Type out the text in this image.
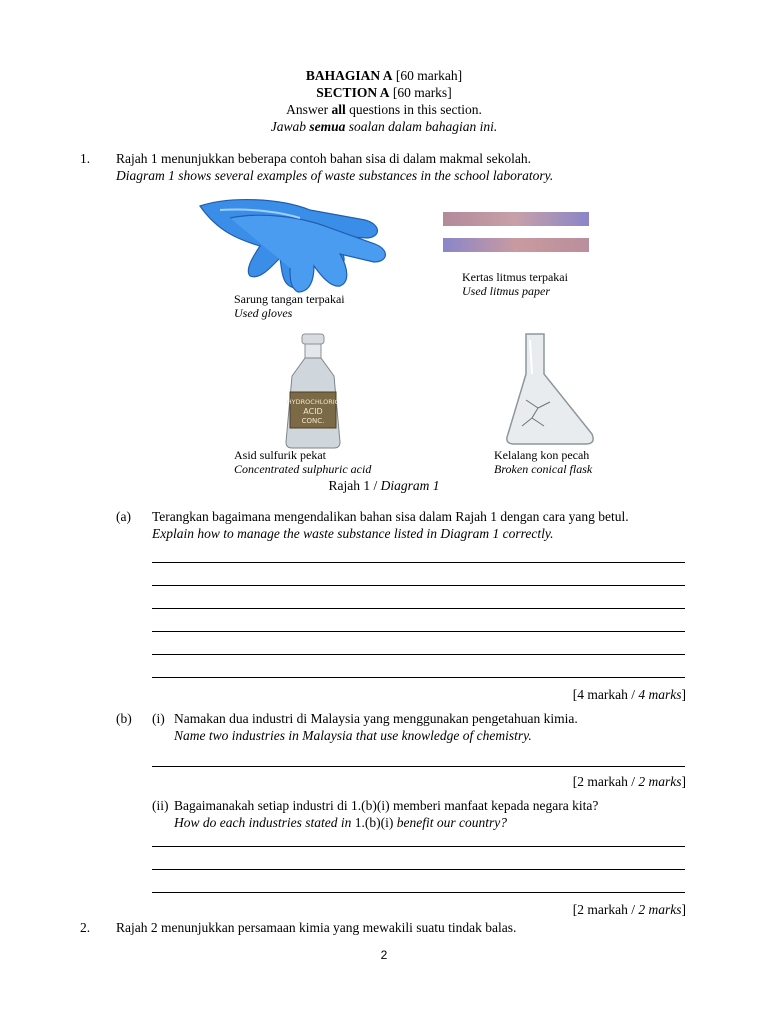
BAHAGIAN A [60 markah]
SECTION A [60 marks]
Answer all questions in this section.
Jawab semua soalan dalam bahagian ini.
1. Rajah 1 menunjukkan beberapa contoh bahan sisa di dalam makmal sekolah.
Diagram 1 shows several examples of waste substances in the school laboratory.
Sarung tangan terpakai
Used gloves
Kertas litmus terpakai
Used litmus paper
HYDROCHLORIC
ACID
CONC.
Asid sulfurik pekat
Concentrated sulphuric acid
Kelalang kon pecah
Broken conical flask
Rajah 1 / Diagram 1
(a) Terangkan bagaimana mengendalikan bahan sisa dalam Rajah 1 dengan cara yang betul.
Explain how to manage the waste substance listed in Diagram 1 correctly.
[4 markah / 4 marks]
(b) (i) Namakan dua industri di Malaysia yang menggunakan pengetahuan kimia.
Name two industries in Malaysia that use knowledge of chemistry.
[2 markah / 2 marks]
(ii) Bagaimanakah setiap industri di 1.(b)(i) memberi manfaat kepada negara kita?
How do each industries stated in 1.(b)(i) benefit our country?
[2 markah / 2 marks]
2. Rajah 2 menunjukkan persamaan kimia yang mewakili suatu tindak balas.
2
